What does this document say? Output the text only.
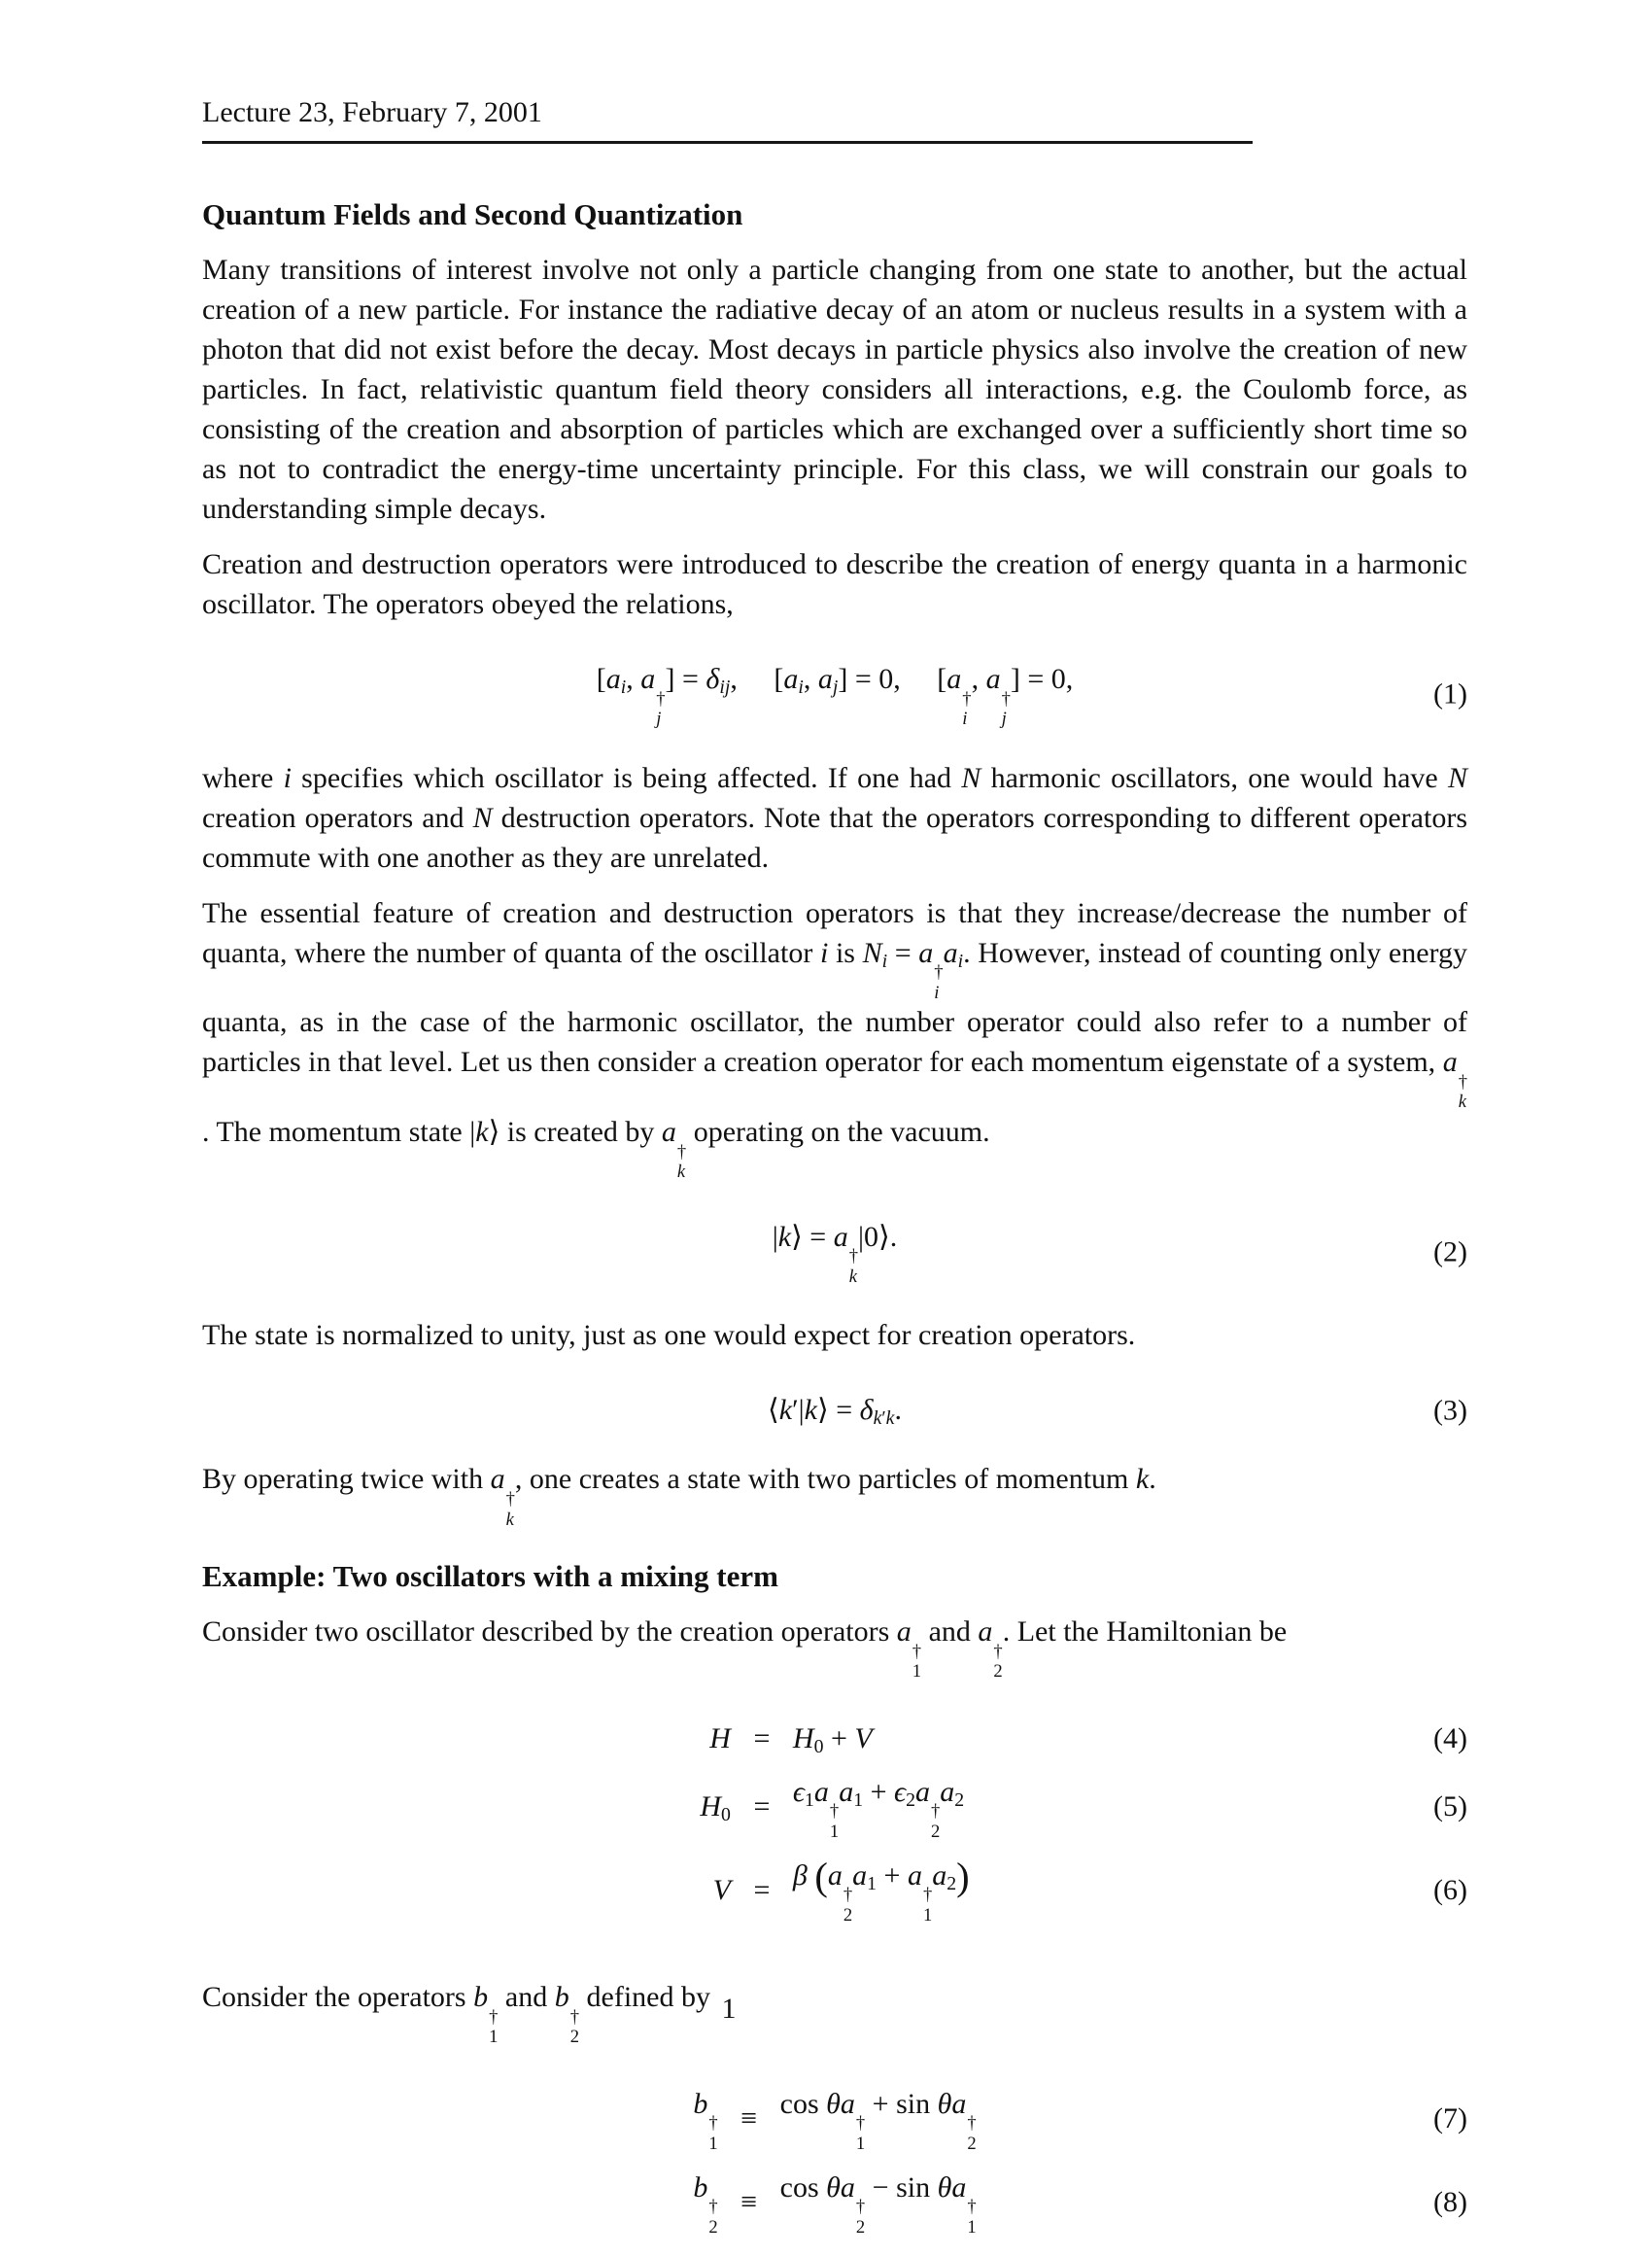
Lecture 23, February 7, 2001
Quantum Fields and Second Quantization

Many transitions of interest involve not only a particle changing from one state to another, but the actual creation of a new particle. For instance the radiative decay of an atom or nucleus results in a system with a photon that did not exist before the decay. Most decays in particle physics also involve the creation of new particles. In fact, relativistic quantum field theory considers all interactions, e.g. the Coulomb force, as consisting of the creation and absorption of particles which are exchanged over a sufficiently short time so as not to contradict the energy-time uncertainty principle. For this class, we will constrain our goals to understanding simple decays.

Creation and destruction operators were introduced to describe the creation of energy quanta in a harmonic oscillator. The operators obeyed the relations,

[$a_i$, a
†
j
] = $\delta_{ij}$,  [$a_i$, $a_j] = 0$,  [a
†
i
, a
†
j
] = 0,	(1)

where i specifies which oscillator is being affected. If one had N harmonic oscillators, one would have N creation operators and N destruction operators. Note that the operators corresponding to different operators commute with one another as they are unrelated.

The essential feature of creation and destruction operators is that they increase/decrease the number of quanta, where the number of quanta of the oscillator i is $N_i = a$
†
i
$a_i$. However, instead of counting only energy quanta, as in the case of the harmonic oscillator, the number operator could also refer to a number of particles in that level. Let us then consider a creation operator for each momentum eigenstate of a system, a
†
k
. The momentum state |k⟩ is created by a
†
k
operating on the vacuum.

|k⟩ = a
†
k
|0⟩.	(2)

The state is normalized to unity, just as one would expect for creation operators.

⟨k′|k⟩ = $\delta_{k'k}$.	(3)

By operating twice with a
†
k
, one creates a state with two particles of momentum k.

Example: Two oscillators with a mixing term

Consider two oscillator described by the creation operators a
†
1
and a
†
2
. Let the Hamiltonian be

$H = H_0 + V$	(4)
$H_0 = \epsilon_1a$
†
1
$a_1 + \epsilon_2a$
†
2
$a_2$	(5)
V = β (a
†
2
$a_1 + a$
†
1
$a_2$)	(6)

Consider the operators b
†
1
and b
†
2
defined by

b
†
1
≡ cos θa
†
1
+ sin θa
†
2
(7)
b
†
2
≡ cos θa
†
2
− sin θa
†
1
(8)
1
